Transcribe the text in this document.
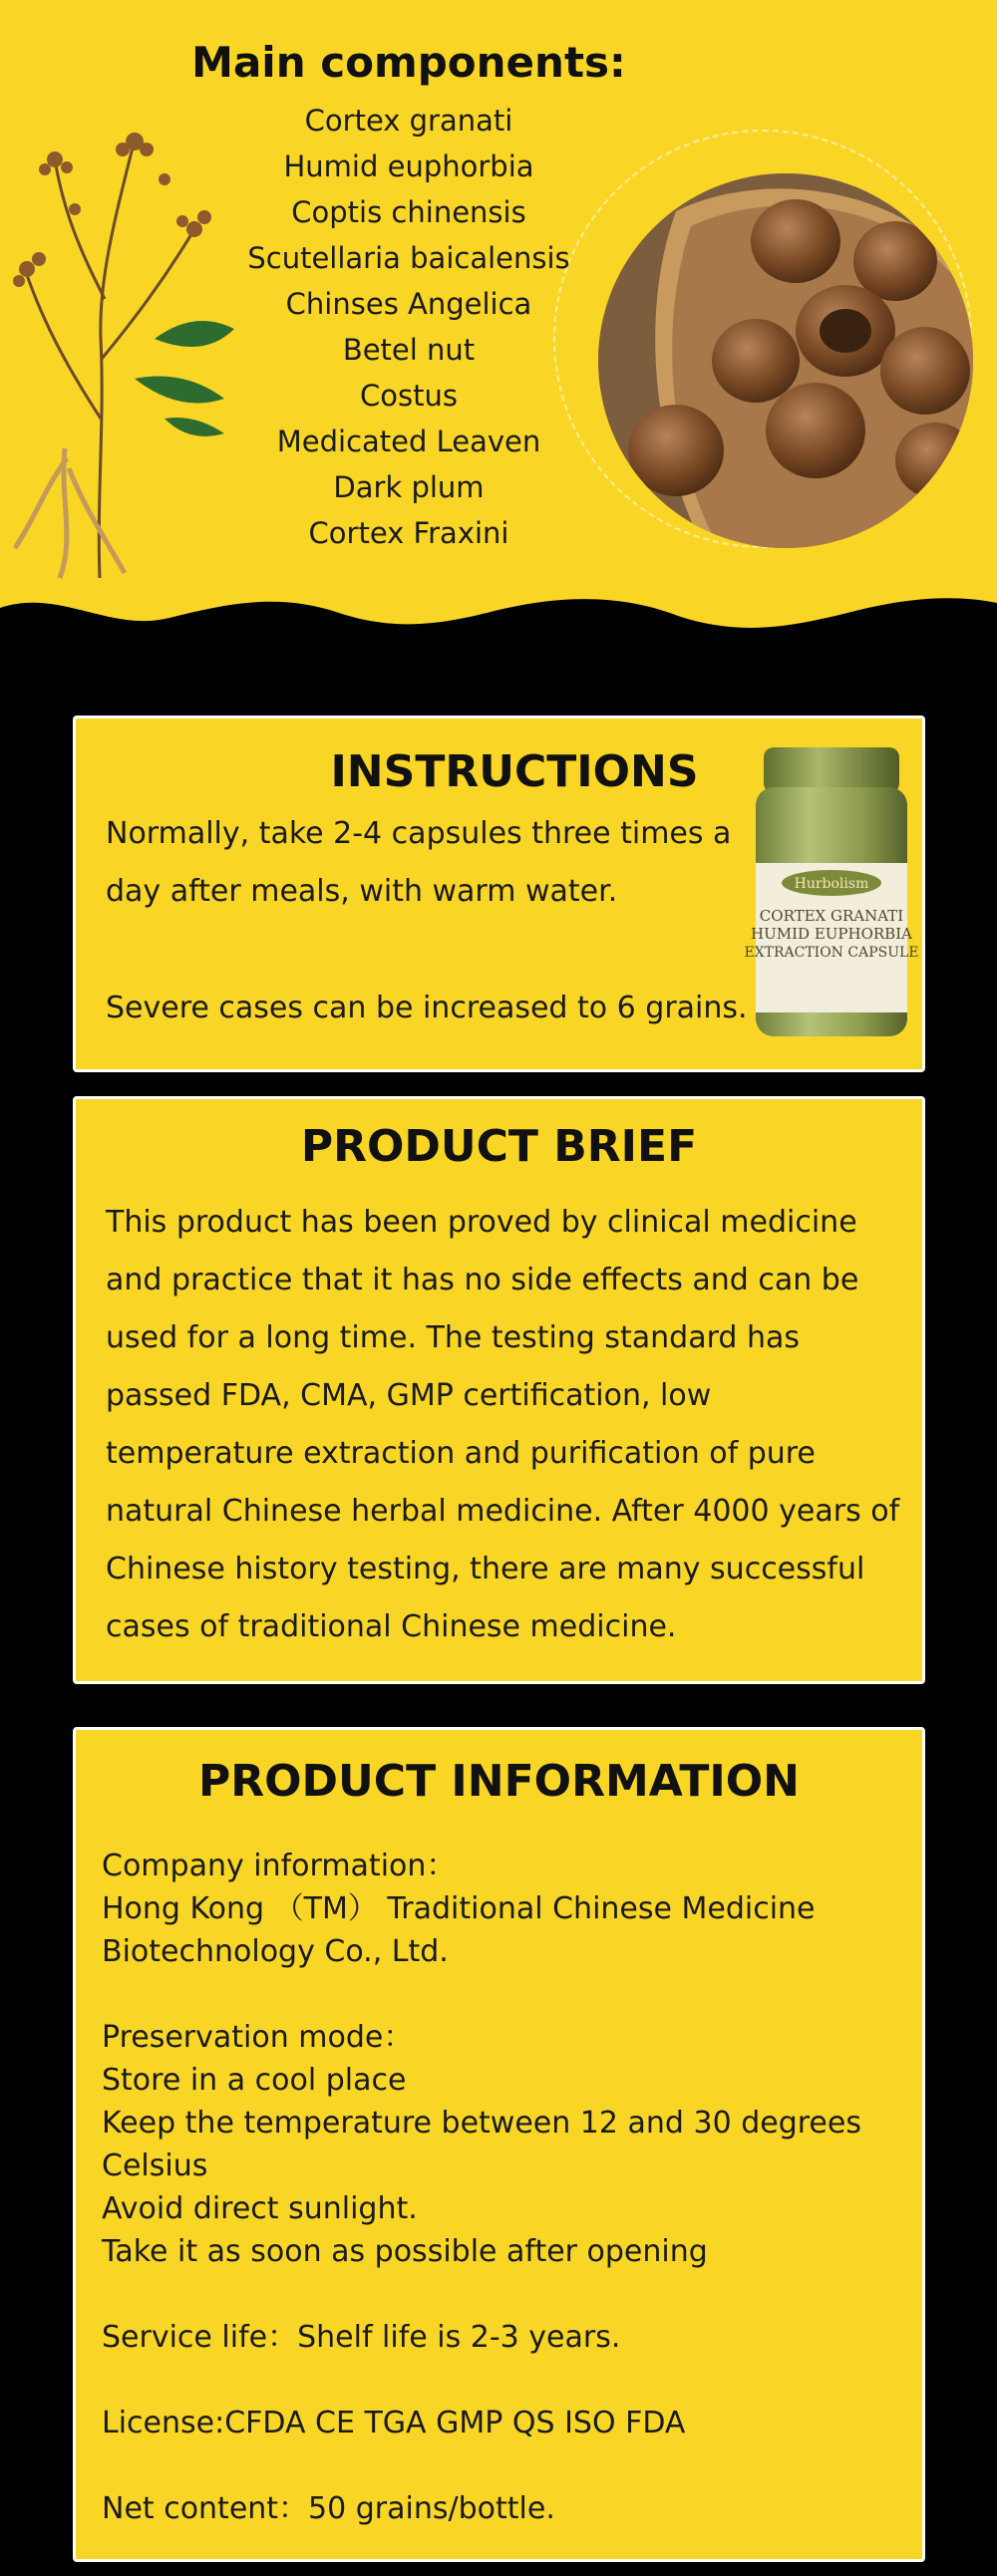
Main components:
Cortex granati
Humid euphorbia
Coptis chinensis
Scutellaria baicalensis
Chinses Angelica
Betel nut
Costus
Medicated Leaven
Dark plum
Cortex Fraxini
INSTRUCTIONS
Normally, take 2-4 capsules three times a
day after meals, with warm water.
Severe cases can be increased to 6 grains.
Hurbolism
CORTEX GRANATI
HUMID EUPHORBIA
EXTRACTION CAPSULE
PRODUCT BRIEF

This product has been proved by clinical medicine and practice that it has no side effects and can be used for a long time. The testing standard has passed FDA, CMA, GMP certification, low temperature extraction and purification of pure natural Chinese herbal medicine. After 4000 years of Chinese history testing, there are many successful cases of traditional Chinese medicine.

PRODUCT INFORMATION
Company information：
Hong Kong （TM） Traditional Chinese Medicine
Biotechnology Co., Ltd.
Preservation mode：
Store in a cool place
Keep the temperature between 12 and 30 degrees
Celsius
Avoid direct sunlight.
Take it as soon as possible after opening
Service life：Shelf life is 2-3 years.
License:CFDA CE TGA GMP QS ISO FDA
Net content：50 grains/bottle.
